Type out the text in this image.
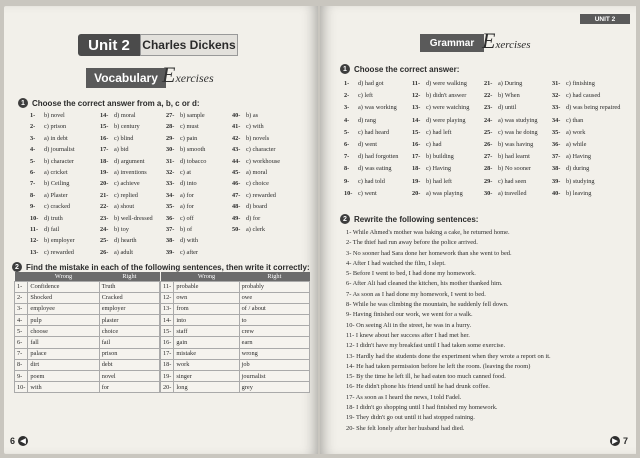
Unit 2	Charles Dickens
Vocabulary Exercises
1 Choose the correct answer from a, b, c or d:
1- b) novel
2- c) prison
3- a) in debt
4- d) journalist
5- b) character
6- a) cricket
7- b) Ceiling
8- a) Plaster
9- c) cracked
10- d) truth
11- d) fail
12- b) employer
13- c) rewarded
14- d) moral
15- b) century
16- c) blind
17- a) bid
18- d) argument
19- a) inventions
20- c) achieve
21- c) replied
22- a) shout
23- b) well-dressed
24- b) toy
25- d) hearth
26- a) adult
27- b) sample
28- c) must
29- c) pain
30- b) smooth
31- d) tobacco
32- c) at
33- d) into
34- a) for
35- a) for
36- c) off
37- b) of
38- d) with
39- c) after
40- b) as
41- c) with
42- b) novels
43- c) character
44- c) workhouse
45- a) moral
46- c) choice
47- c) rewarded
48- d) board
49- d) for
50- a) clerk
2 Find the mistake in each of the following sentences, then write it correctly:
	Wrong	Right
1-	Confidence	Truth
2-	Shocked	Cracked
3-	employee	employer
4-	pulp	plaster
5-	choose	choice
6-	fall	fail
7-	palace	prison
8-	dirt	debt
9-	poem	novel
10-	with	for
	Wrong	Right
11-	probable	probably
12-	own	owe
13-	from	of / about
14-	into	to
15-	staff	crew
16-	gain	earn
17-	mistake	wrong
18-	work	job
19-	singer	journalist
20-	long	grey
6 ◀
UNIT 2
Grammar Exercises
1 Choose the correct answer:
1- d) had got
2- c) left
3- a) was working
4- d) rang
5- c) had heard
6- d) went
7- d) had forgotten
8- d) was eating
9- c) had told
10- c) went
11- d) were walking
12- b) didn't answer
13- c) were watching
14- d) were playing
15- c) had left
16- c) had
17- b) building
18- c) Having
19- b) had left
20- a) was playing
21- a) During
22- b) When
23- d) until
24- a) was studying
25- c) was he doing
26- b) was having
27- b) had learnt
28- b) No sooner
29- c) had seen
30- a) travelled
31- c) finishing
32- c) had caused
33- d) was being repaired
34- c) than
35- a) work
36- a) while
37- a) Having
38- d) during
39- b) studying
40- b) leaving
2 Rewrite the following sentences:
1- While Ahmed's mother was baking a cake, he returned home.
2- The thief had run away before the police arrived.
3- No sooner had Sara done her homework than she went to bed.
4- After I had watched the film, I slept.
5- Before I went to bed, I had done my homework.
6- After Ali had cleaned the kitchen, his mother thanked him.
7- As soon as I had done my homework, I went to bed.
8- While he was climbing the mountain, he suddenly fell down.
9- Having finished our work, we went for a walk.
10- On seeing Ali in the street, he was in a hurry.
11- I knew about her success after I had met her.
12- I didn't have my breakfast until I had taken some exercise.
13- Hardly had the students done the experiment when they wrote a report on it.
14- He had taken permission before he left the room. (leaving the room)
15- By the time he left ill, he had eaten too much canned food.
16- He didn't phone his friend until he had drunk coffee.
17- As soon as I heard the news, I told Fadel.
18- I didn't go shopping until I had finished my homework.
19- They didn't go out until it had stopped raining.
20- She felt lonely after her husband had died.
▶ 7
